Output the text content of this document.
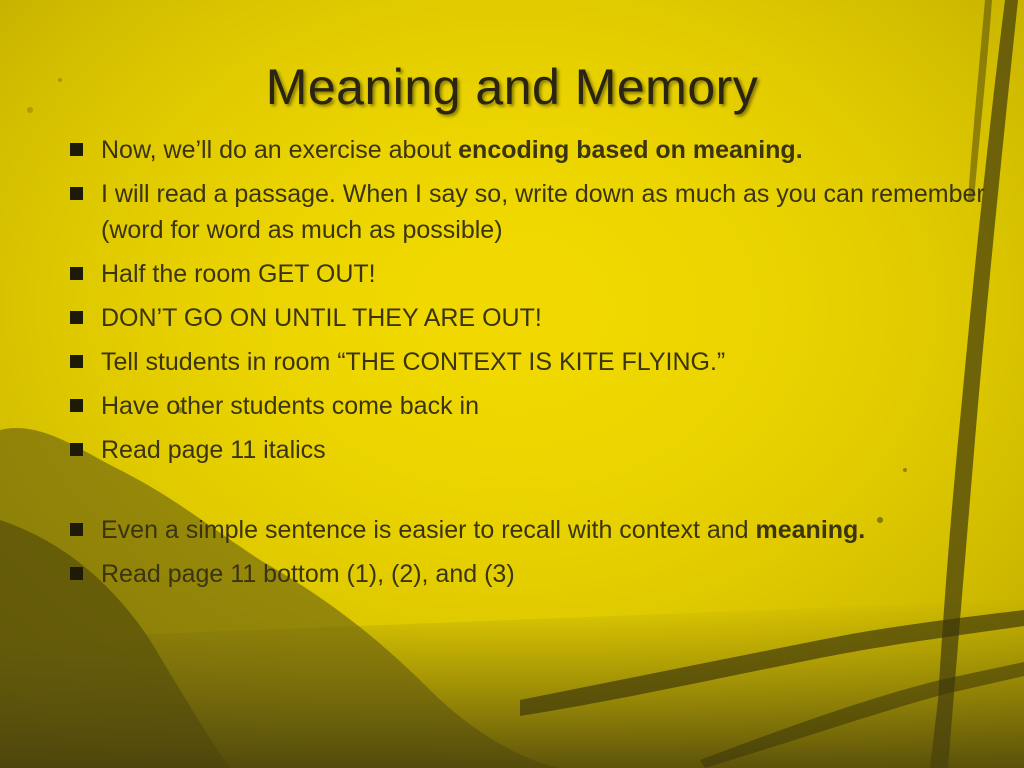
Meaning and Memory
Now, we’ll do an exercise about encoding based on meaning.
I will read a passage. When I say so, write down as much as you can remember (word for word as much as possible)
Half the room GET OUT!
DON’T GO ON UNTIL THEY ARE OUT!
Tell students in room “THE CONTEXT IS KITE FLYING.”
Have other students come back in
Read page 11 italics
Even a simple sentence is easier to recall with context and meaning.
Read page 11 bottom (1), (2), and (3)
